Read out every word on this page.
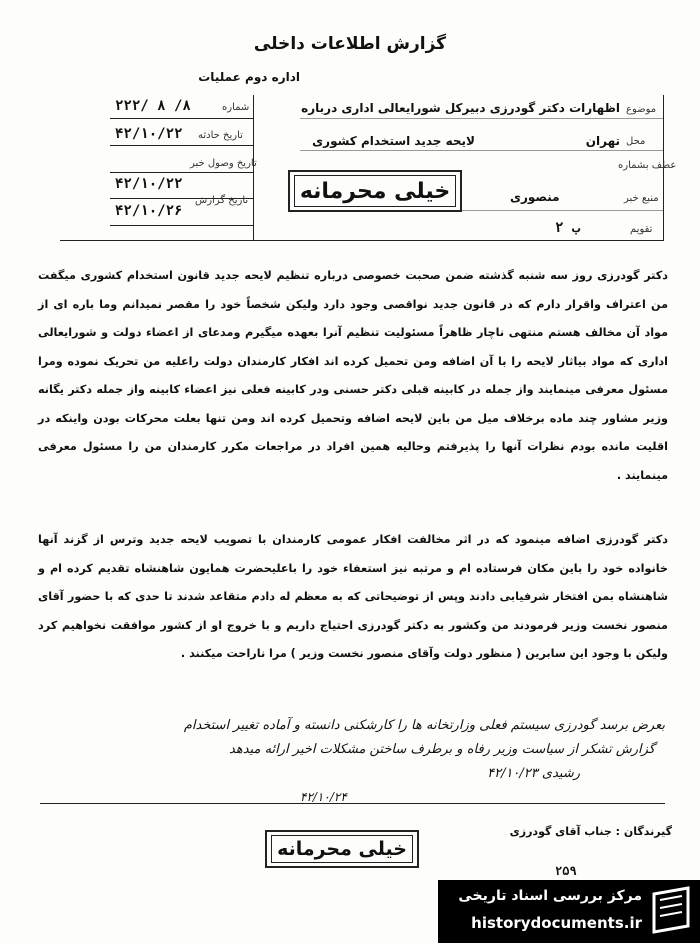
گزارش اطلاعات داخلی
اداره دوم عملیات
شماره
۲۲۲/ ۸ /۸
تاریخ حادثه
۴۲/۱۰/۲۲
تاریخ وصول خبر
۴۲/۱۰/۲۲
تاریخ گزارش
۴۲/۱۰/۲۶
موضوع
اظهارات دکتر گودرزی دبیرکل شورایعالی اداری درباره
محل
تهران
لایحه جدید استخدام کشوری
عطف بشماره
منبع خبر
منصوری
تقویم
ب ۲
خیلی محرمانه
دکتر گودرزی روز سه شنبه گذشته ضمن صحبت خصوصی درباره تنظیم لایحه جدید قانون استخدام کشوری میگفت من اعتراف واقرار دارم که در قانون جدید نواقصی وجود دارد ولیکن شخصاً خود را مقصر نمیدانم وما باره ای از مواد آن مخالف هستم منتهی ناچار ظاهراً مسئولیت تنظیم آنرا بعهده میگیرم ومدعای از اعضاء دولت و شورایعالی اداری که مواد بیاثار لایحه را با آن اضافه ومن تحمیل کرده اند افکار کارمندان دولت راعلیه من تحریک نموده ومرا مسئول معرفی مینمایند واز جمله در کابینه قبلی دکتر حسنی ودر کابینه فعلی نیز اعضاء کابینه واز جمله دکتر یگانه وزیر مشاور چند ماده برخلاف میل من باین لایحه اضافه وتحمیل کرده اند ومن تنها بعلت محرکات بودن واینکه در اقلیت مانده بودم نظرات آنها را پذیرفتم وحالیه همین افراد در مراجعات مکرر کارمندان من را مسئول معرفی مینمایند .
دکتر گودرزی اضافه مینمود که در اثر مخالفت افکار عمومی کارمندان با تصویب لایحه جدید وترس از گزند آنها خانواده خود را باین مکان فرستاده ام و مرتبه نیز استعفاء خود را باعلیحضرت همایون شاهنشاه تقدیم کرده ام و شاهنشاه بمن افتخار شرفیابی دادند وپس از توضیحاتی که به معظم له دادم متقاعد شدند تا حدی که با حضور آقای منصور نخست وزیر فرمودند من وکشور به دکتر گودرزی احتیاج داریم و با خروج او از کشور موافقت نخواهیم کرد ولیکن با وجود این سابرین ( منظور دولت وآقای منصور نخست وزیر ) مرا ناراحت میکنند .
بعرض برسد گودرزی سیستم فعلی وزارتخانه ها را کارشکنی دانسته و آماده تغییر استخدام
گزارش تشکر از سیاست وزیر رفاه و برطرف ساختن مشکلات اخیر ارائه میدهد
رشیدی ۴۲/۱۰/۲۳
۴۲/۱۰/۲۴
گیرندگان : جناب آقای گودرزی
خیلی محرمانه
۲۵۹
مرکز بررسی اسناد تاریخی
historydocuments.ir
